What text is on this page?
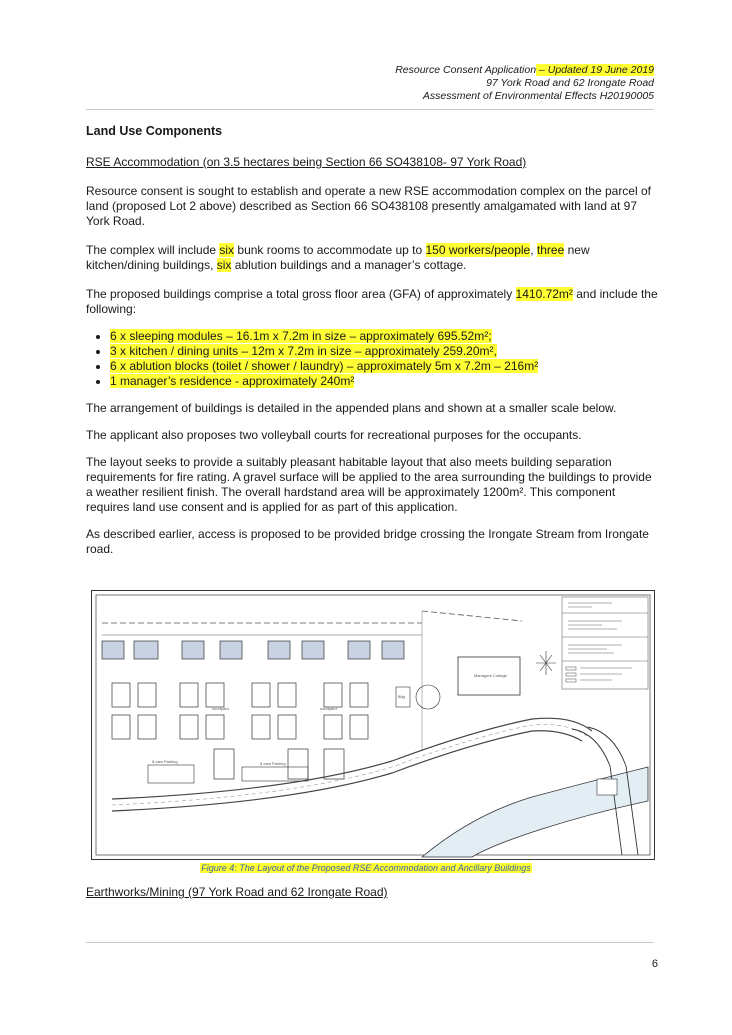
Resource Consent Application – Updated 19 June 2019
97 York Road and 62 Irongate Road
Assessment of Environmental Effects H20190005

Land Use Components

RSE Accommodation (on 3.5 hectares being Section 66 SO438108- 97 York Road)

Resource consent is sought to establish and operate a new RSE accommodation complex on the parcel of land (proposed Lot 2 above) described as Section 66 SO438108 presently amalgamated with land at 97 York Road.

The complex will include six bunk rooms to accommodate up to 150 workers/people, three new kitchen/dining buildings, six ablution buildings and a manager’s cottage.

The proposed buildings comprise a total gross floor area (GFA) of approximately 1410.72m² and include the following:

• 6 x sleeping modules – 16.1m x 7.2m in size – approximately 695.52m²;
• 3 x kitchen / dining units – 12m x 7.2m in size – approximately 259.20m²,
• 6 x ablution blocks (toilet / shower / laundry) – approximately 5m x 7.2m – 216m²
• 1 manager’s residence - approximately 240m²

The arrangement of buildings is detailed in the appended plans and shown at a smaller scale below.

The applicant also proposes two volleyball courts for recreational purposes for the occupants.

The layout seeks to provide a suitably pleasant habitable layout that also meets building separation requirements for fire rating. A gravel surface will be applied to the area surrounding the buildings to provide a weather resilient finish. The overall hardstand area will be approximately 1200m². This component requires land use consent and is applied for as part of this application.

As described earlier, access is proposed to be provided bridge crossing the Irongate Stream from Irongate road.

courtyard	courtyard
8 cars Parking	8 cars Parking
Managers Cottage
Bldg
Figure 4: The Layout of the Proposed RSE Accommodation and Ancillary Buildings
Earthworks/Mining (97 York Road and 62 Irongate Road)
6
